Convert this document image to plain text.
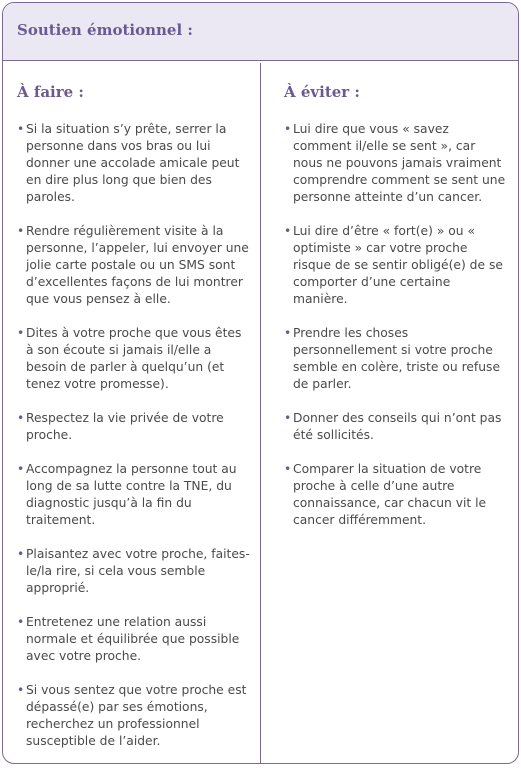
Soutien émotionnel :
À faire :
• Si la situation s’y prête, serrer la personne dans vos bras ou lui donner une accolade amicale peut en dire plus long que bien des paroles.
• Rendre régulièrement visite à la personne, l’appeler, lui envoyer une jolie carte postale ou un SMS sont d’excellentes façons de lui montrer que vous pensez à elle.
• Dites à votre proche que vous êtes à son écoute si jamais il/elle a besoin de parler à quelqu’un (et tenez votre promesse).
• Respectez la vie privée de votre proche.
• Accompagnez la personne tout au long de sa lutte contre la TNE, du diagnostic jusqu’à la fin du traitement.
• Plaisantez avec votre proche, faites-le/la rire, si cela vous semble approprié.
• Entretenez une relation aussi normale et équilibrée que possible avec votre proche.
• Si vous sentez que votre proche est dépassé(e) par ses émotions, recherchez un professionnel susceptible de l’aider.
À éviter :
• Lui dire que vous « savez comment il/elle se sent », car nous ne pouvons jamais vraiment comprendre comment se sent une personne atteinte d’un cancer.
• Lui dire d’être « fort(e) » ou « optimiste » car votre proche risque de se sentir obligé(e) de se comporter d’une certaine manière.
• Prendre les choses personnellement si votre proche semble en colère, triste ou refuse de parler.
• Donner des conseils qui n’ont pas été sollicités.
• Comparer la situation de votre proche à celle d’une autre connaissance, car chacun vit le cancer différemment.
